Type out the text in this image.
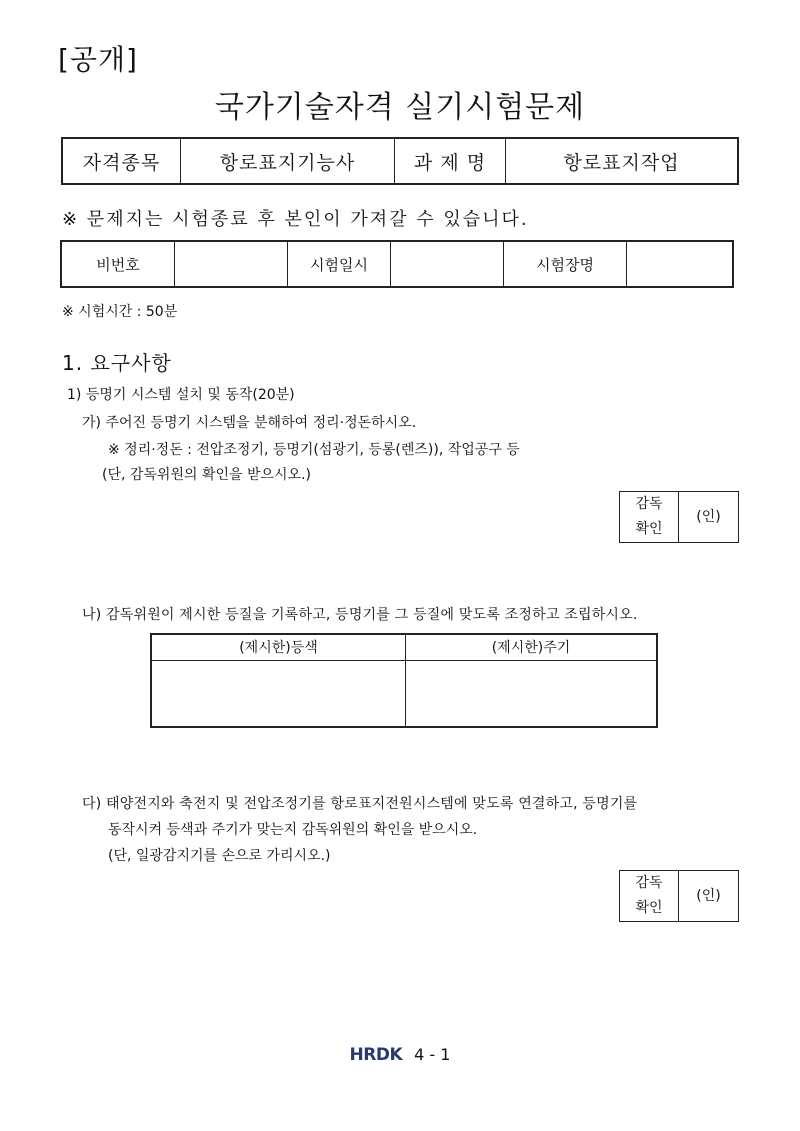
[공개]
국가기술자격 실기시험문제
자격종목	항로표지기능사	과 제 명	항로표지작업
※ 문제지는 시험종료 후 본인이 가져갈 수 있습니다.
비번호		시험일시		시험장명	
※ 시험시간 : 50분
1. 요구사항
1) 등명기 시스템 설치 및 동작(20분)
가) 주어진 등명기 시스템을 분해하여 정리·정돈하시오.
※ 정리·정돈 : 전압조정기, 등명기(섬광기, 등롱(렌즈)), 작업공구 등
(단, 감독위원의 확인을 받으시오.)
감독
확인
	(인)
나) 감독위원이 제시한 등질을 기록하고, 등명기를 그 등질에 맞도록 조정하고 조립하시오.
(제시한)등색	(제시한)주기

다) 태양전지와 축전지 및 전압조정기를 항로표지전원시스템에 맞도록 연결하고, 등명기를
동작시켜 등색과 주기가 맞는지 감독위원의 확인을 받으시오.
(단, 일광감지기를 손으로 가리시오.)
감독
확인
	(인)
HRDK 4 - 1
